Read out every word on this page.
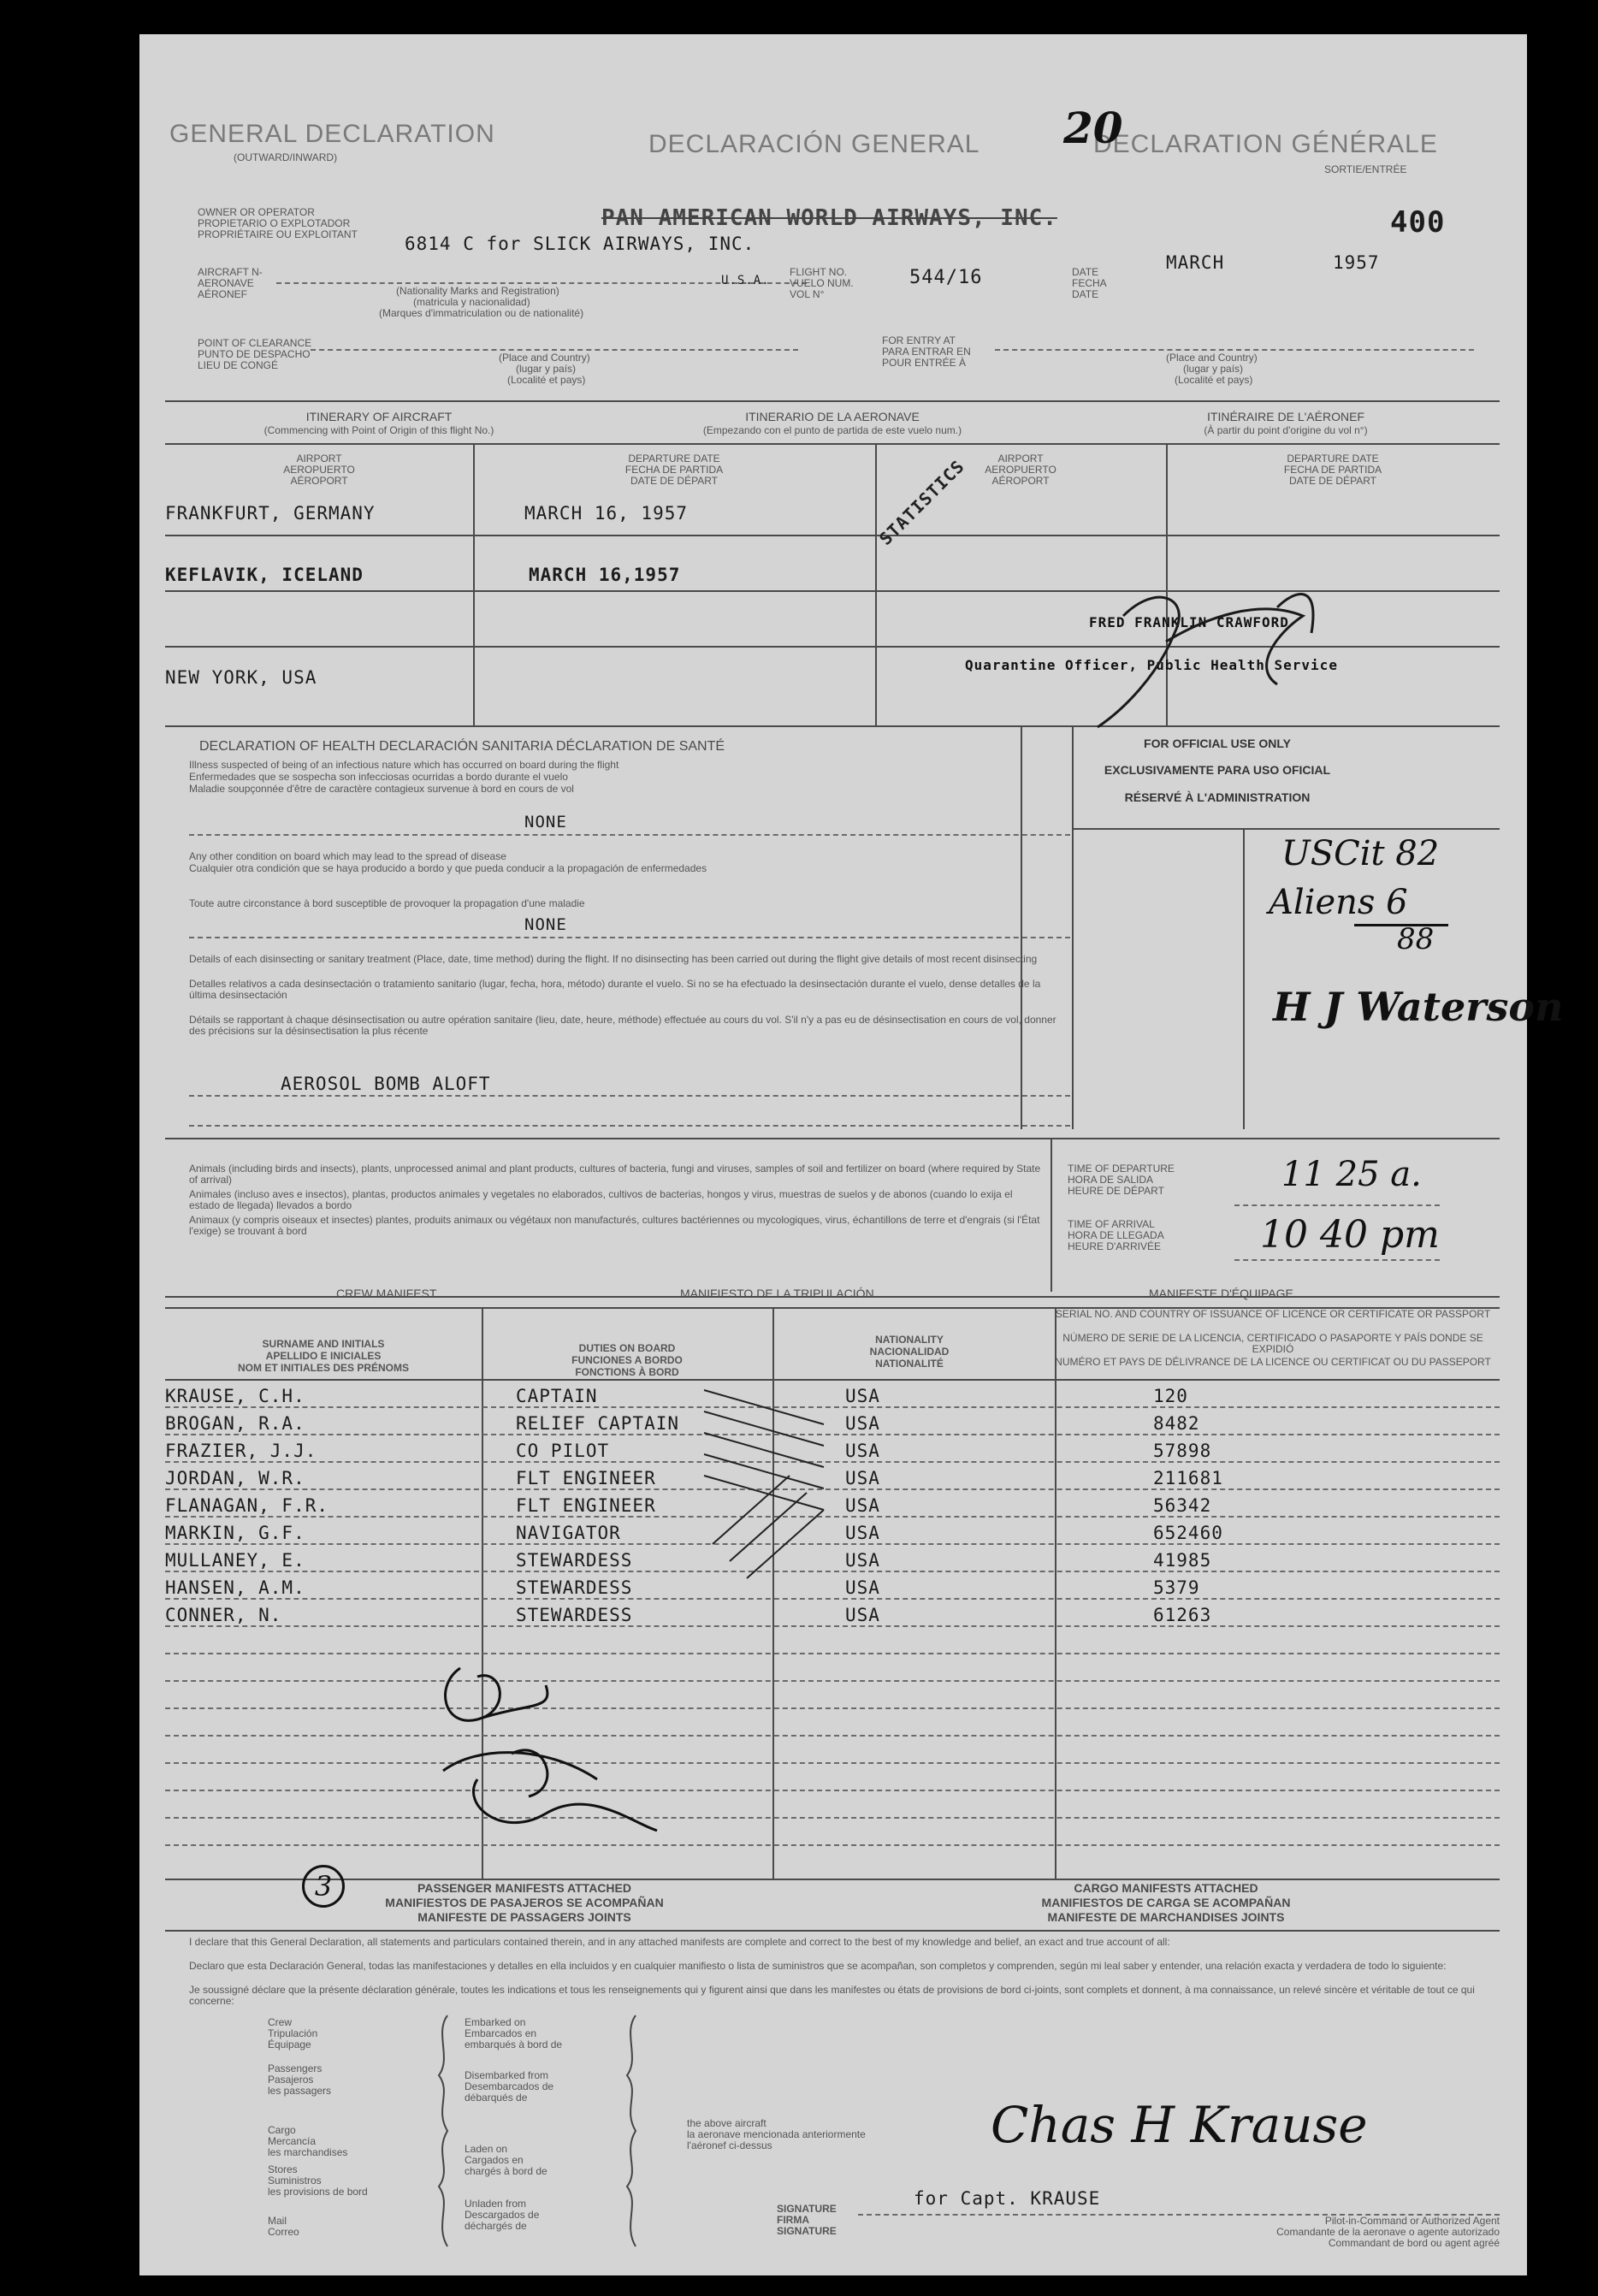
GENERAL DECLARATION
(OUTWARD/INWARD)	DECLARACIÓN GENERAL	DECLARATION GÉNÉRALE
SORTIE/ENTRÉE
20
400
OWNER OR OPERATOR
PROPIETARIO O EXPLOTADOR
PROPRIÉTAIRE OU EXPLOITANT
PAN AMERICAN WORLD AIRWAYS, INC.
6814 C for SLICK AIRWAYS, INC.
AIRCRAFT N-
AERONAVE
AÉRONEF	(Nationality Marks and Registration)
(matricula y nacionalidad)
(Marques d'immatriculation ou de nationalité)
U.S.A.
FLIGHT NO.
VUELO NUM.
VOL N°
544/16	DATE
FECHA
DATE
MARCH	1957
POINT OF CLEARANCE
PUNTO DE DESPACHO
LIEU DE CONGÉ
(Place and Country)
(lugar y país)
(Localité et pays)
FOR ENTRY AT
PARA ENTRAR EN
POUR ENTRÉE À	(Place and Country)
(lugar y país)
(Localité et pays)
ITINERARY OF AIRCRAFT
(Commencing with Point of Origin of this flight No.)
ITINERARIO DE LA AERONAVE
(Empezando con el punto de partida de este vuelo num.)
ITINÉRAIRE DE L'AÉRONEF
(À partir du point d'origine du vol n°)
AIRPORT
AEROPUERTO
AÉROPORT
DEPARTURE DATE
FECHA DE PARTIDA
DATE DE DÉPART
AIRPORT
AEROPUERTO
AÉROPORT
DEPARTURE DATE
FECHA DE PARTIDA
DATE DE DÉPART
FRANKFURT, GERMANY	MARCH 16, 1957
KEFLAVIK, ICELAND	MARCH 16,1957
NEW YORK, USA
STATISTICS
FRED FRANKLIN CRAWFORD
Quarantine Officer, Public Health Service
DECLARATION OF HEALTH DECLARACIÓN SANITARIA DÉCLARATION DE SANTÉ
Illness suspected of being of an infectious nature which has occurred on board during the flight
Enfermedades que se sospecha son infecciosas ocurridas a bordo durante el vuelo
Maladie soupçonnée d'être de caractère contagieux survenue à bord en cours de vol
NONE
Any other condition on board which may lead to the spread of disease
Cualquier otra condición que se haya producido a bordo y que pueda conducir a la propagación de enfermedades
Toute autre circonstance à bord susceptible de provoquer la propagation d'une maladie
NONE
Details of each disinsecting or sanitary treatment (Place, date, time method) during the flight. If no disinsecting has been carried out during the flight give details of most recent disinsecting
Detalles relativos a cada desinsectación o tratamiento sanitario (lugar, fecha, hora, método) durante el vuelo. Si no se ha efectuado la desinsectación durante el vuelo, dense detalles de la última desinsectación
Détails se rapportant à chaque désinsectisation ou autre opération sanitaire (lieu, date, heure, méthode) effectuée au cours du vol. S'il n'y a pas eu de désinsectisation en cours de vol, donner des précisions sur la désinsectisation la plus récente
AEROSOL BOMB ALOFT
FOR OFFICIAL USE ONLY
EXCLUSIVAMENTE PARA USO OFICIAL
RÉSERVÉ À L'ADMINISTRATION
USCit 82
Aliens 6
88
H J Waterson
Animals (including birds and insects), plants, unprocessed animal and plant products, cultures of bacteria, fungi and viruses, samples of soil and fertilizer on board (where required by State of arrival)
Animales (incluso aves e insectos), plantas, productos animales y vegetales no elaborados, cultivos de bacterias, hongos y virus, muestras de suelos y de abonos (cuando lo exija el estado de llegada) llevados a bordo
Animaux (y compris oiseaux et insectes) plantes, produits animaux ou végétaux non manufacturés, cultures bactériennes ou mycologiques, virus, échantillons de terre et d'engrais (si l'État l'exige) se trouvant à bord
TIME OF DEPARTURE
HORA DE SALIDA
HEURE DE DÉPART	11 25 a.
TIME OF ARRIVAL
HORA DE LLEGADA
HEURE D'ARRIVÉE	10 40 pm
CREW MANIFEST	MANIFIESTO DE LA TRIPULACIÓN	MANIFESTE D'ÉQUIPAGE
SURNAME AND INITIALS
APELLIDO E INICIALES
NOM ET INITIALES DES PRÉNOMS
DUTIES ON BOARD
FUNCIONES A BORDO
FONCTIONS À BORD
NATIONALITY
NACIONALIDAD
NATIONALITÉ
SERIAL NO. AND COUNTRY OF ISSUANCE OF LICENCE OR CERTIFICATE OR PASSPORT
NÚMERO DE SERIE DE LA LICENCIA, CERTIFICADO O PASAPORTE Y PAÍS DONDE SE EXPIDIÓ
NUMÉRO ET PAYS DE DÉLIVRANCE DE LA LICENCE OU CERTIFICAT OU DU PASSEPORT
KRAUSE, C.H.	CAPTAIN	USA	120
BROGAN, R.A.	RELIEF CAPTAIN	USA	8482
FRAZIER, J.J.	CO PILOT	USA	57898
JORDAN, W.R.	FLT ENGINEER	USA	211681
FLANAGAN, F.R.	FLT ENGINEER	USA	56342
MARKIN, G.F.	NAVIGATOR	USA	652460
MULLANEY, E.	STEWARDESS	USA	41985
HANSEN, A.M.	STEWARDESS	USA	5379
CONNER, N.	STEWARDESS	USA	61263
3	PASSENGER MANIFESTS ATTACHED
MANIFIESTOS DE PASAJEROS SE ACOMPAÑAN
MANIFESTE DE PASSAGERS JOINTS
CARGO MANIFESTS ATTACHED
MANIFIESTOS DE CARGA SE ACOMPAÑAN
MANIFESTE DE MARCHANDISES JOINTS
I declare that this General Declaration, all statements and particulars contained therein, and in any attached manifests are complete and correct to the best of my knowledge and belief, an exact and true account of all:
Declaro que esta Declaración General, todas las manifestaciones y detalles en ella incluidos y en cualquier manifiesto o lista de suministros que se acompañan, son completos y comprenden, según mi leal saber y entender, una relación exacta y verdadera de todo lo siguiente:
Je soussigné déclare que la présente déclaration générale, toutes les indications et tous les renseignements qui y figurent ainsi que dans les manifestes ou états de provisions de bord ci-joints, sont complets et donnent, à ma connaissance, un relevé sincère et véritable de tout ce qui concerne:
Crew
Tripulación
Équipage
Passengers
Pasajeros
les passagers
Cargo
Mercancía
les marchandises
Stores
Suministros
les provisions de bord
Mail
Correo
Embarked on
Embarcados en
embarqués à bord de
Disembarked from
Desembarcados de
débarqués de
Laden on
Cargados en
chargés à bord de
Unladen from
Descargados de
déchargés de
the above aircraft
la aeronave mencionada anteriormente
l'aéronef ci-dessus	Chas H Krause
for Capt. KRAUSE
SIGNATURE
FIRMA
SIGNATURE
Pilot-in-Command or Authorized Agent
Comandante de la aeronave o agente autorizado
Commandant de bord ou agent agréé
